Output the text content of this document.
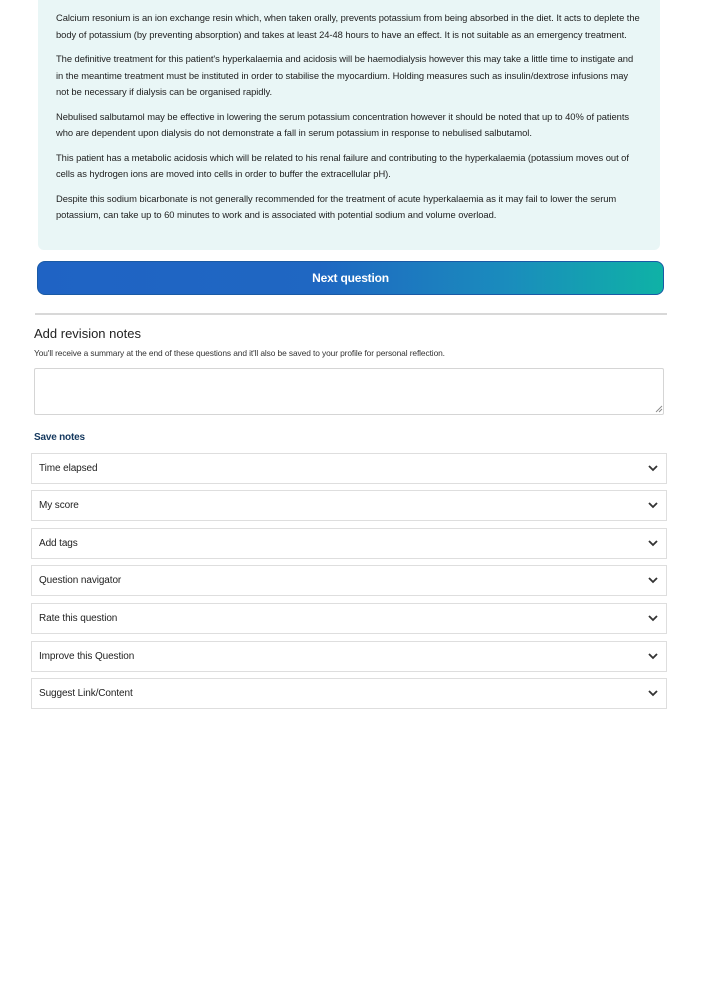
Calcium resonium is an ion exchange resin which, when taken orally, prevents potassium from being absorbed in the diet. It acts to deplete the body of potassium (by preventing absorption) and takes at least 24-48 hours to have an effect. It is not suitable as an emergency treatment.

The definitive treatment for this patient's hyperkalaemia and acidosis will be haemodialysis however this may take a little time to instigate and in the meantime treatment must be instituted in order to stabilise the myocardium. Holding measures such as insulin/dextrose infusions may not be necessary if dialysis can be organised rapidly.

Nebulised salbutamol may be effective in lowering the serum potassium concentration however it should be noted that up to 40% of patients who are dependent upon dialysis do not demonstrate a fall in serum potassium in response to nebulised salbutamol.

This patient has a metabolic acidosis which will be related to his renal failure and contributing to the hyperkalaemia (potassium moves out of cells as hydrogen ions are moved into cells in order to buffer the extracellular pH).

Despite this sodium bicarbonate is not generally recommended for the treatment of acute hyperkalaemia as it may fail to lower the serum potassium, can take up to 60 minutes to work and is associated with potential sodium and volume overload.

Next question
Add revision notes
You'll receive a summary at the end of these questions and it'll also be saved to your profile for personal reflection.
Save notes
Time elapsed
My score
Add tags
Question navigator
Rate this question
Improve this Question
Suggest Link/Content
